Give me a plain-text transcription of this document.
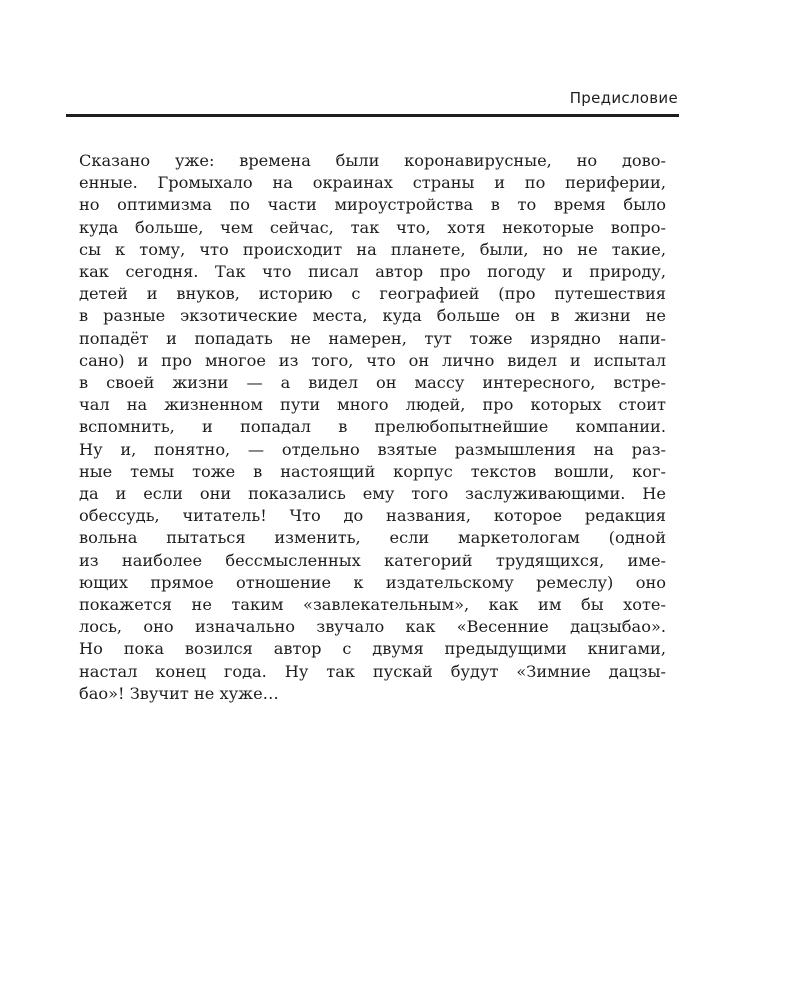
Предисловие
Сказано уже: времена были коронавирусные, но дово-
енные. Громыхало на окраинах страны и по периферии,
но оптимизма по части мироустройства в то время было
куда больше, чем сейчас, так что, хотя некоторые вопро-
сы к тому, что происходит на планете, были, но не такие,
как сегодня. Так что писал автор про погоду и природу,
детей и внуков, историю с географией (про путешествия
в разные экзотические места, куда больше он в жизни не
попадёт и попадать не намерен, тут тоже изрядно напи-
сано) и про многое из того, что он лично видел и испытал
в своей жизни — а видел он массу интересного, встре-
чал на жизненном пути много людей, про которых стоит
вспомнить, и попадал в прелюбопытнейшие компании.
Ну и, понятно, — отдельно взятые размышления на раз-
ные темы тоже в настоящий корпус текстов вошли, ког-
да и если они показались ему того заслуживающими. Не
обессудь, читатель! Что до названия, которое редакция
вольна пытаться изменить, если маркетологам (одной
из наиболее бессмысленных категорий трудящихся, име-
ющих прямое отношение к издательскому ремеслу) оно
покажется не таким «завлекательным», как им бы хоте-
лось, оно изначально звучало как «Весенние дацзыбао».
Но пока возился автор с двумя предыдущими книгами,
настал конец года. Ну так пускай будут «Зимние дацзы-
бао»! Звучит не хуже…
